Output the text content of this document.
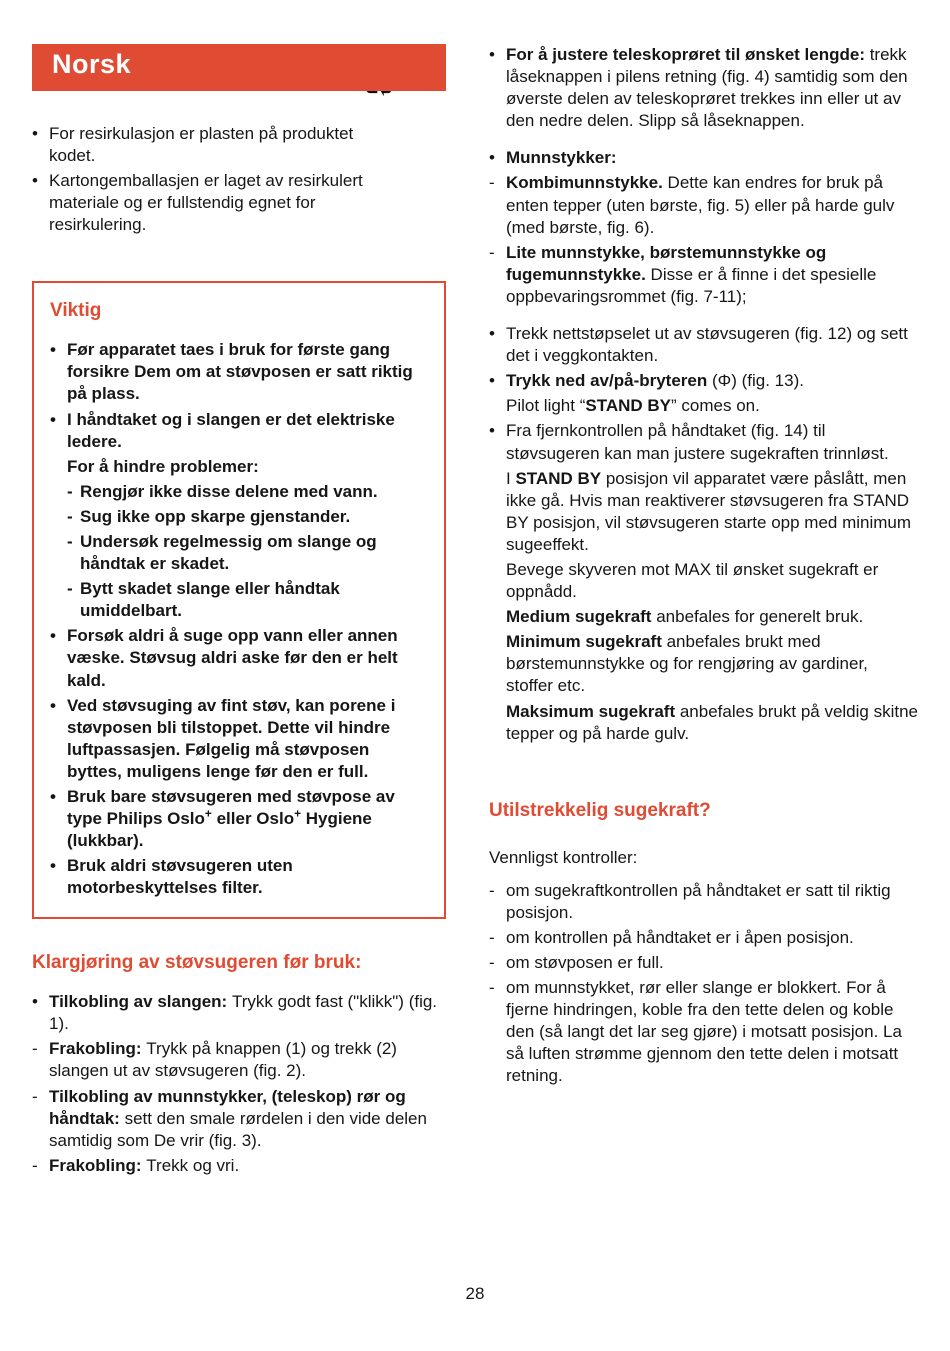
Norsk
• For resirkulasjon er plasten på produktet kodet.
• Kartongemballasjen er laget av resirkulert materiale og er fullstendig egnet for resirkulering.
Viktig
• Før apparatet taes i bruk for første gang forsikre Dem om at støvposen er satt riktig på plass.
• I håndtaket og i slangen er det elektriske ledere.
For å hindre problemer:
- Rengjør ikke disse delene med vann.
- Sug ikke opp skarpe gjenstander.
- Undersøk regelmessig om slange og håndtak er skadet.
- Bytt skadet slange eller håndtak umiddelbart.
• Forsøk aldri å suge opp vann eller annen væske. Støvsug aldri aske før den er helt kald.
• Ved støvsuging av fint støv, kan porene i støvposen bli tilstoppet. Dette vil hindre luftpassasjen. Følgelig må støvposen byttes, muligens lenge før den er full.
• Bruk bare støvsugeren med støvpose av type Philips Oslo+ eller Oslo+ Hygiene (lukkbar).
• Bruk aldri støvsugeren uten motorbeskyttelses filter.
Klargjøring av støvsugeren før bruk:
• Tilkobling av slangen: Trykk godt fast ("klikk") (fig. 1).
- Frakobling: Trykk på knappen (1) og trekk (2) slangen ut av støvsugeren (fig. 2).
- Tilkobling av munnstykker, (teleskop) rør og håndtak: sett den smale rørdelen i den vide delen samtidig som De vrir (fig. 3).
- Frakobling: Trekk og vri.
• For å justere teleskoprøret til ønsket lengde: trekk låseknappen i pilens retning (fig. 4) samtidig som den øverste delen av teleskoprøret trekkes inn eller ut av den nedre delen. Slipp så låseknappen.
• Munnstykker:
- Kombimunnstykke. Dette kan endres for bruk på enten tepper (uten børste, fig. 5) eller på harde gulv (med børste, fig. 6).
- Lite munnstykke, børstemunnstykke og fugemunnstykke. Disse er å finne i det spesielle oppbevaringsrommet (fig. 7-11);
• Trekk nettstøpselet ut av støvsugeren (fig. 12) og sett det i veggkontakten.
• Trykk ned av/på-bryteren (Φ) (fig. 13).
Pilot light “STAND BY” comes on.
• Fra fjernkontrollen på håndtaket (fig. 14) til støvsugeren kan man justere sugekraften trinnløst.
I STAND BY posisjon vil apparatet være påslått, men ikke gå. Hvis man reaktiverer støvsugeren fra STAND BY posisjon, vil støvsugeren starte opp med minimum sugeeffekt.
Bevege skyveren mot MAX til ønsket sugekraft er oppnådd.
Medium sugekraft anbefales for generelt bruk.
Minimum sugekraft anbefales brukt med børstemunnstykke og for rengjøring av gardiner, stoffer etc.
Maksimum sugekraft anbefales brukt på veldig skitne tepper og på harde gulv.
Utilstrekkelig sugekraft?
Vennligst kontroller:
- om sugekraftkontrollen på håndtaket er satt til riktig posisjon.
- om kontrollen på håndtaket er i åpen posisjon.
- om støvposen er full.
- om munnstykket, rør eller slange er blokkert. For å fjerne hindringen, koble fra den tette delen og koble den (så langt det lar seg gjøre) i motsatt posisjon. La så luften strømme gjennom den tette delen i motsatt retning.
28
